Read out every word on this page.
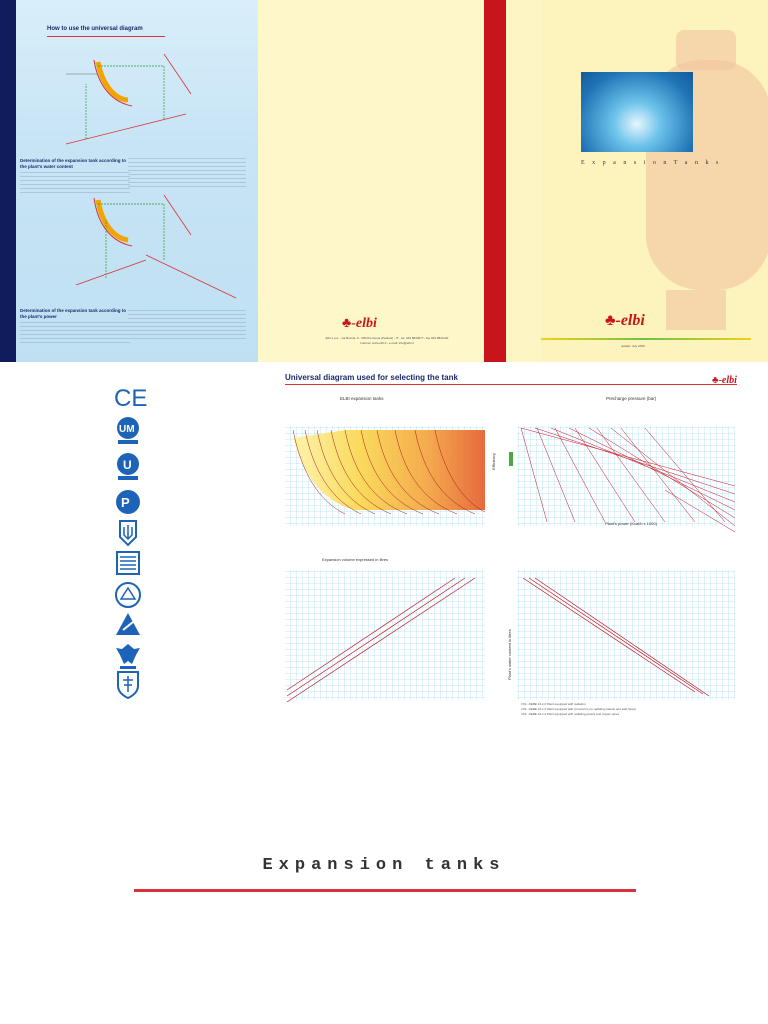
How to use the universal diagram
Determination of the expansion tank according to the plant's water content
Determination of the expansion tank according to the plant's power	♣-elbi
Elbi s.p.a. - via Buccia, 9 - 35010 Limena (Padova) - IT - tel. 049 8840677 - fax 049 8841100
Internet: www.elbi.it - e-mail: info@elbi.it
E x p a n s i o n T a n k s
♣-elbi
update: July 2009
CE
UM
U
P
Universal diagram used for selecting the tank	♣-elbi
ELBI expansion tanks	Precharge pressure (bar)
Plant's power (Kcal/h x 1000)
Expansion volume expressed in litres
Efficiency
Plant's water content in litres
VOL. DEBE 10-1,0 Plant equipped with radiators
VOL. DEBE 10-1,0 Plant equipped with convectors (or radiating panels and wall pipes)
VOL. DEBE 10-1,0 Plant equipped with radiating panels and copper pipes
Expansion tanks
